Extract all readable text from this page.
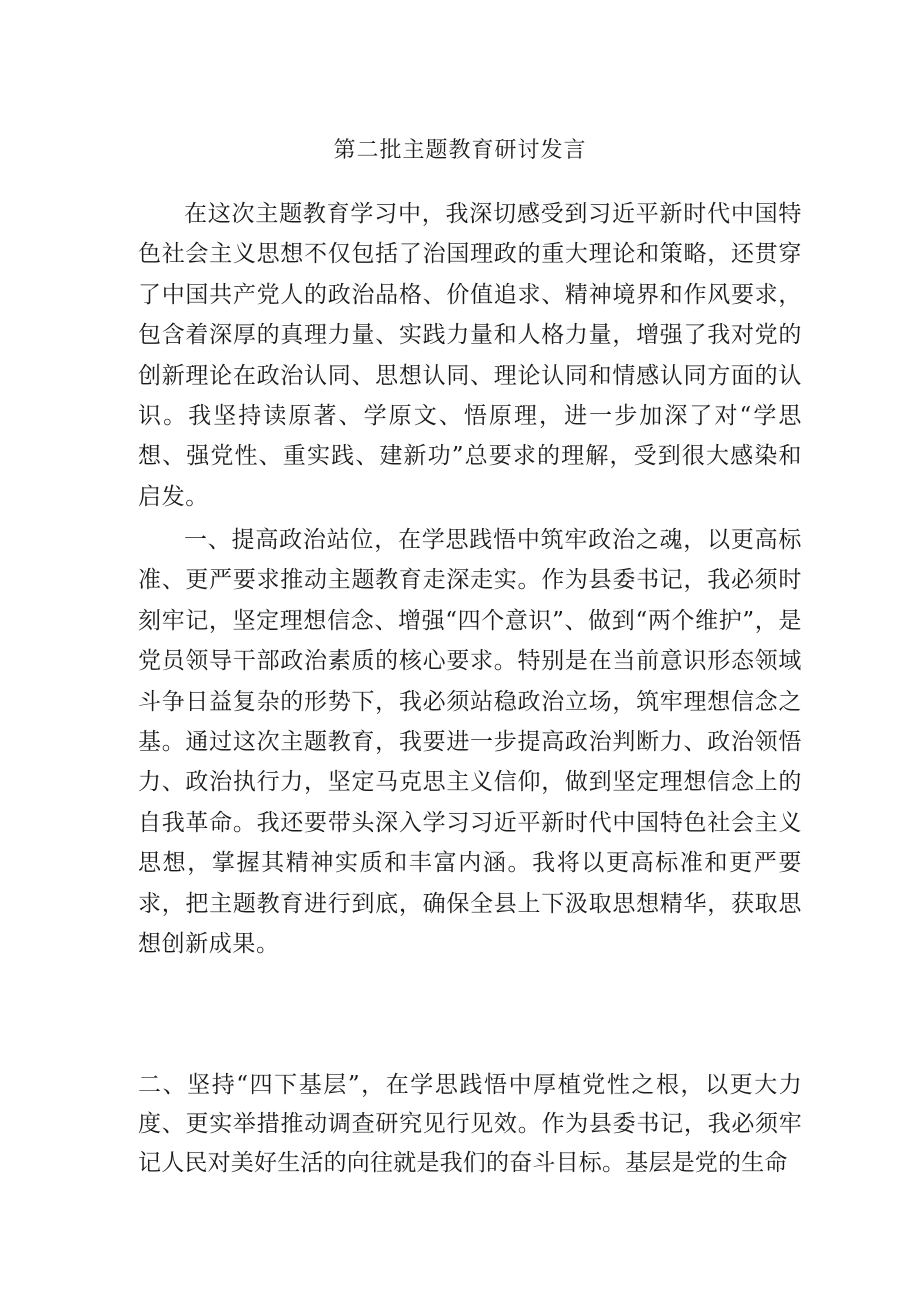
第二批主题教育研讨发言

在这次主题教育学习中，我深切感受到习近平新时代中国特色社会主义思想不仅包括了治国理政的重大理论和策略，还贯穿了中国共产党人的政治品格、价值追求、精神境界和作风要求，包含着深厚的真理力量、实践力量和人格力量，增强了我对党的创新理论在政治认同、思想认同、理论认同和情感认同方面的认识。我坚持读原著、学原文、悟原理，进一步加深了对“学思想、强党性、重实践、建新功”总要求的理解，受到很大感染和启发。

一、提高政治站位，在学思践悟中筑牢政治之魂，以更高标准、更严要求推动主题教育走深走实。作为县委书记，我必须时刻牢记，坚定理想信念、增强“四个意识”、做到“两个维护”，是党员领导干部政治素质的核心要求。特别是在当前意识形态领域斗争日益复杂的形势下，我必须站稳政治立场，筑牢理想信念之基。通过这次主题教育，我要进一步提高政治判断力、政治领悟力、政治执行力，坚定马克思主义信仰，做到坚定理想信念上的自我革命。我还要带头深入学习习近平新时代中国特色社会主义思想，掌握其精神实质和丰富内涵。我将以更高标准和更严要求，把主题教育进行到底，确保全县上下汲取思想精华，获取思想创新成果。

二、坚持“四下基层”，在学思践悟中厚植党性之根，以更大力度、更实举措推动调查研究见行见效。作为县委书记，我必须牢记人民对美好生活的向往就是我们的奋斗目标。基层是党的生命
